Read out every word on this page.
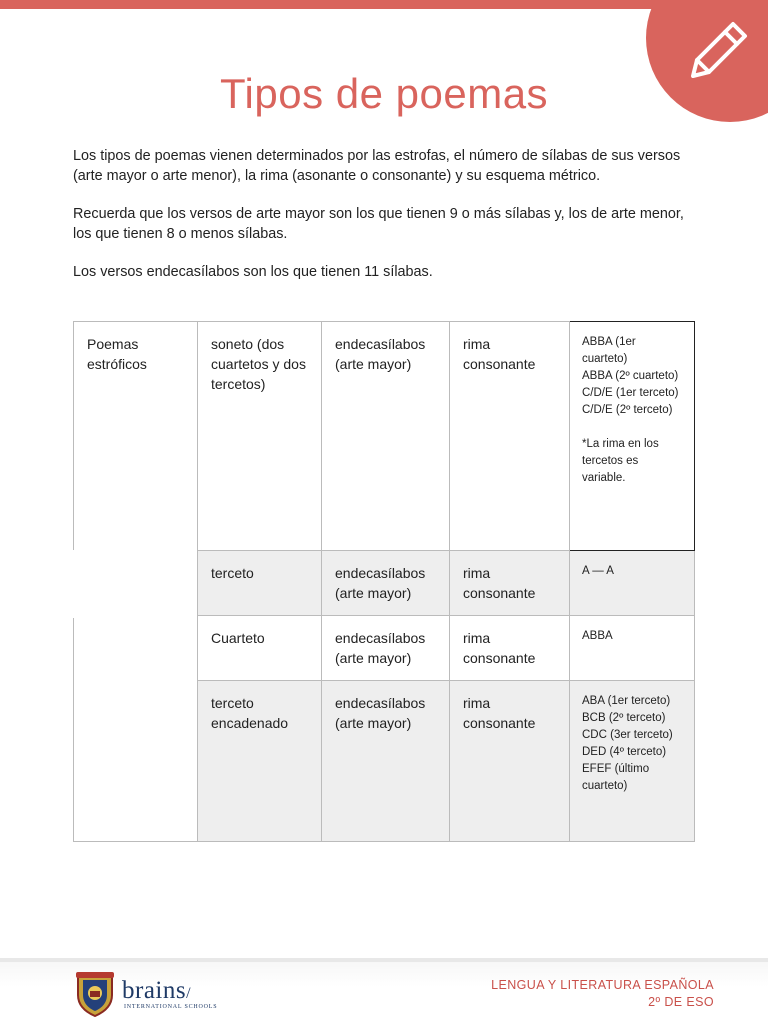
Tipos de poemas

Los tipos de poemas vienen determinados por las estrofas, el número de sílabas de sus versos (arte mayor o arte menor), la rima (asonante o consonante) y su esquema métrico.

Recuerda que los versos de arte mayor son los que tienen 9 o más sílabas y, los de arte menor, los que tienen 8 o menos sílabas.

Los versos endecasílabos son los que tienen 11 sílabas.

Poemas estróficos	soneto (dos cuartetos y dos tercetos)	endecasílabos (arte mayor)	rima consonante	ABBA (1er cuarteto)
ABBA (2º cuarteto)
C/D/E (1er terceto)
C/D/E (2º terceto)
*La rima en los tercetos es variable.

	terceto	endecasílabos (arte mayor)	rima consonante	A — A
	Cuarteto	endecasílabos (arte mayor)	rima consonante	ABBA
	terceto encadenado	endecasílabos (arte mayor)	rima consonante	ABA (1er terceto)
BCB (2º terceto)
CDC (3er terceto)
DED (4º terceto)
EFEF (último cuarteto)
brains/
INTERNATIONAL SCHOOLS
LENGUA Y LITERATURA ESPAÑOLA
2º DE ESO
